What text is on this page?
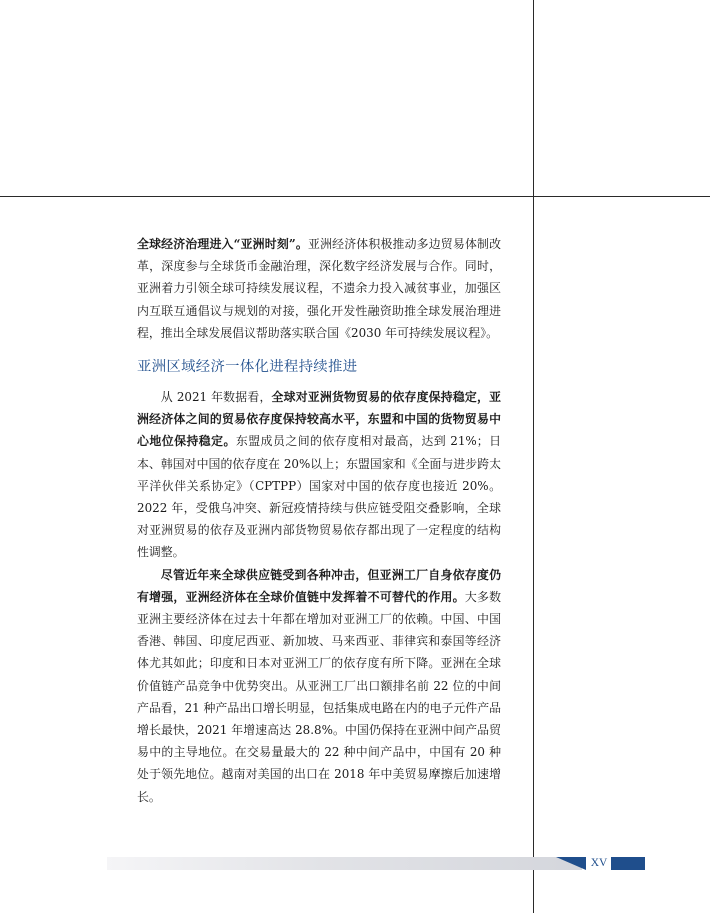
全球经济治理进入“亚洲时刻”。亚洲经济体积极推动多边贸易体制改革，深度参与全球货币金融治理，深化数字经济发展与合作。同时，亚洲着力引领全球可持续发展议程，不遗余力投入减贫事业，加强区内互联互通倡议与规划的对接，强化开发性融资助推全球发展治理进程，推出全球发展倡议帮助落实联合国《2030 年可持续发展议程》。

亚洲区域经济一体化进程持续推进

从 2021 年数据看，全球对亚洲货物贸易的依存度保持稳定，亚洲经济体之间的贸易依存度保持较高水平，东盟和中国的货物贸易中心地位保持稳定。东盟成员之间的依存度相对最高，达到 21%；日本、韩国对中国的依存度在 20%以上；东盟国家和《全面与进步跨太平洋伙伴关系协定》（CPTPP）国家对中国的依存度也接近 20%。2022 年，受俄乌冲突、新冠疫情持续与供应链受阻交叠影响，全球对亚洲贸易的依存及亚洲内部货物贸易依存都出现了一定程度的结构性调整。

尽管近年来全球供应链受到各种冲击，但亚洲工厂自身依存度仍有增强，亚洲经济体在全球价值链中发挥着不可替代的作用。大多数亚洲主要经济体在过去十年都在增加对亚洲工厂的依赖。中国、中国香港、韩国、印度尼西亚、新加坡、马来西亚、菲律宾和泰国等经济体尤其如此；印度和日本对亚洲工厂的依存度有所下降。亚洲在全球价值链产品竞争中优势突出。从亚洲工厂出口额排名前 22 位的中间产品看，21 种产品出口增长明显，包括集成电路在内的电子元件产品增长最快，2021 年增速高达 28.8%。中国仍保持在亚洲中间产品贸易中的主导地位。在交易量最大的 22 种中间产品中，中国有 20 种处于领先地位。越南对美国的出口在 2018 年中美贸易摩擦后加速增长。

XV
